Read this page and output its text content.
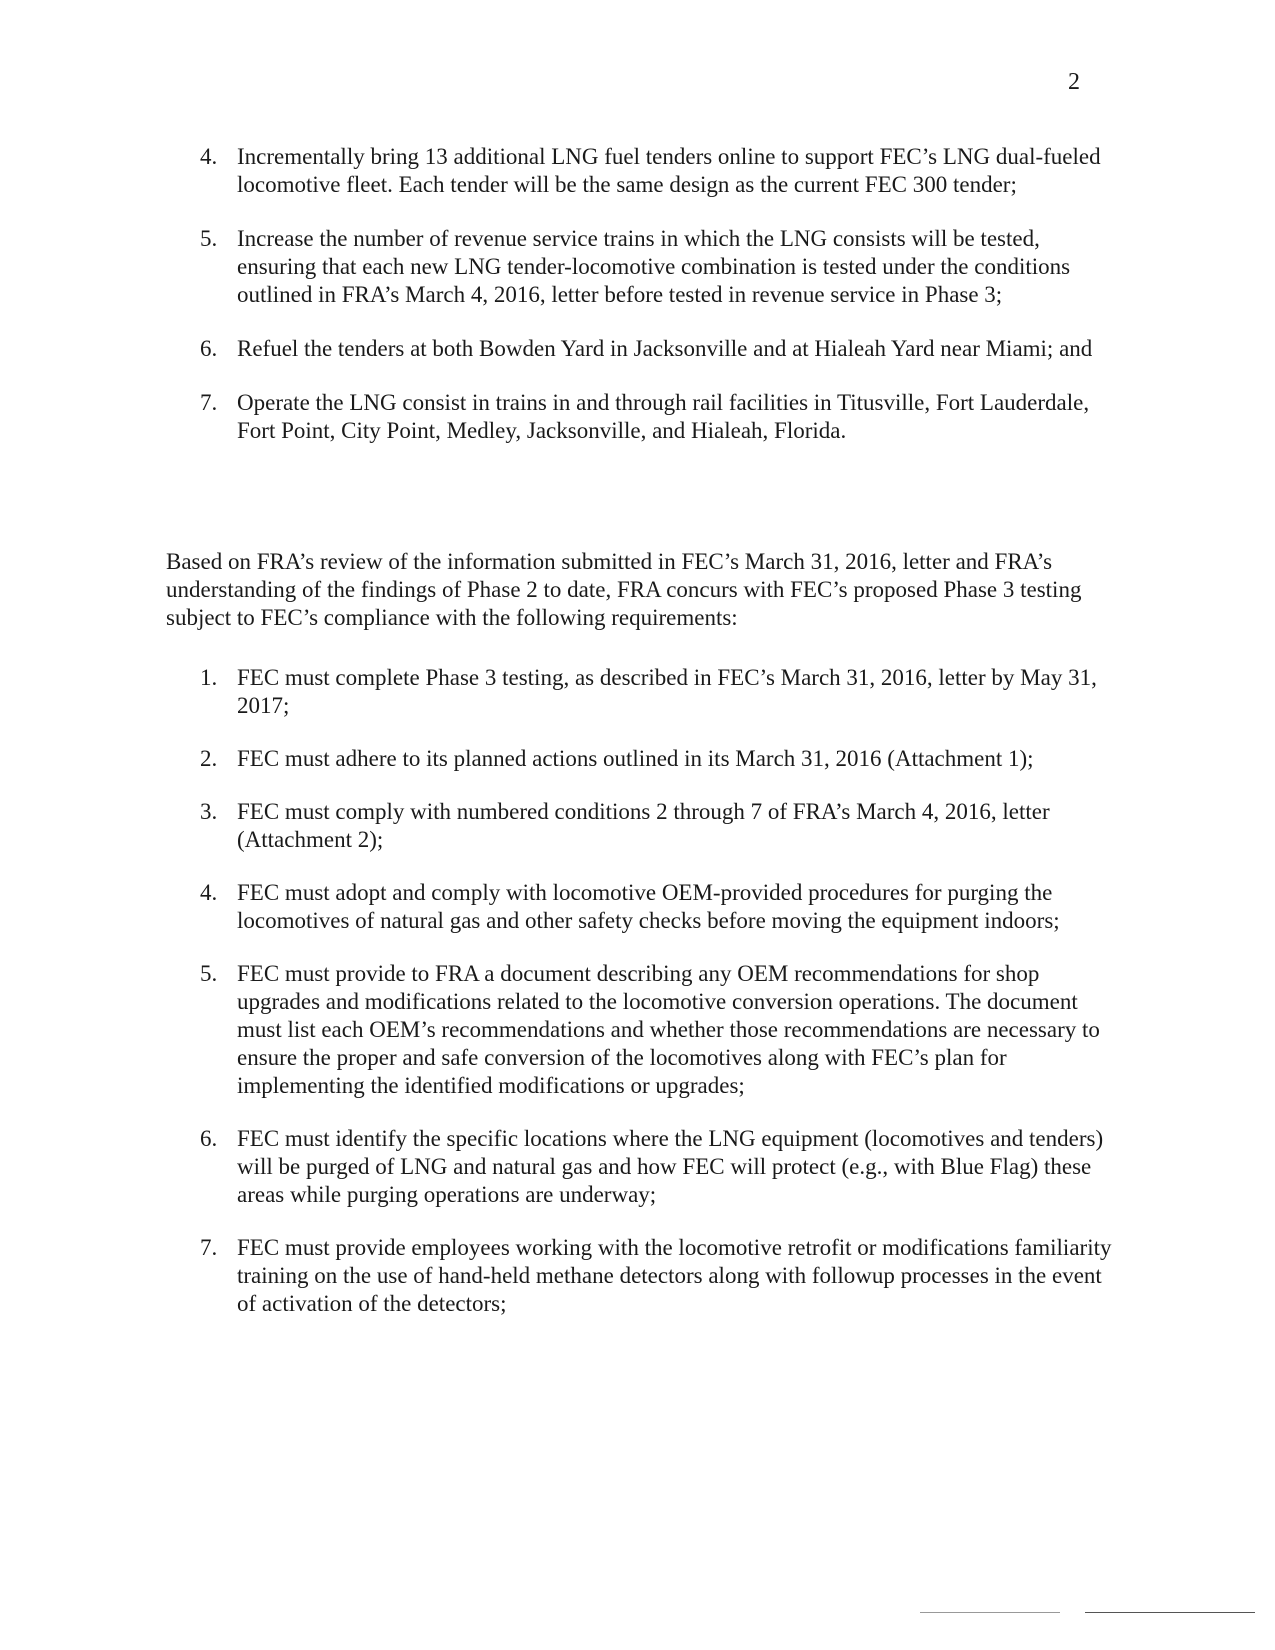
2
4. Incrementally bring 13 additional LNG fuel tenders online to support FEC’s LNG dual-fueled locomotive fleet. Each tender will be the same design as the current FEC 300 tender;
5. Increase the number of revenue service trains in which the LNG consists will be tested, ensuring that each new LNG tender-locomotive combination is tested under the conditions outlined in FRA’s March 4, 2016, letter before tested in revenue service in Phase 3;
6. Refuel the tenders at both Bowden Yard in Jacksonville and at Hialeah Yard near Miami; and
7. Operate the LNG consist in trains in and through rail facilities in Titusville, Fort Lauderdale, Fort Point, City Point, Medley, Jacksonville, and Hialeah, Florida.

Based on FRA’s review of the information submitted in FEC’s March 31, 2016, letter and FRA’s understanding of the findings of Phase 2 to date, FRA concurs with FEC’s proposed Phase 3 testing subject to FEC’s compliance with the following requirements:

1. FEC must complete Phase 3 testing, as described in FEC’s March 31, 2016, letter by May 31, 2017;
2. FEC must adhere to its planned actions outlined in its March 31, 2016 (Attachment 1);
3. FEC must comply with numbered conditions 2 through 7 of FRA’s March 4, 2016, letter (Attachment 2);
4. FEC must adopt and comply with locomotive OEM-provided procedures for purging the locomotives of natural gas and other safety checks before moving the equipment indoors;
5. FEC must provide to FRA a document describing any OEM recommendations for shop upgrades and modifications related to the locomotive conversion operations. The document must list each OEM’s recommendations and whether those recommendations are necessary to ensure the proper and safe conversion of the locomotives along with FEC’s plan for implementing the identified modifications or upgrades;
6. FEC must identify the specific locations where the LNG equipment (locomotives and tenders) will be purged of LNG and natural gas and how FEC will protect (e.g., with Blue Flag) these areas while purging operations are underway;
7. FEC must provide employees working with the locomotive retrofit or modifications familiarity training on the use of hand-held methane detectors along with followup processes in the event of activation of the detectors;
